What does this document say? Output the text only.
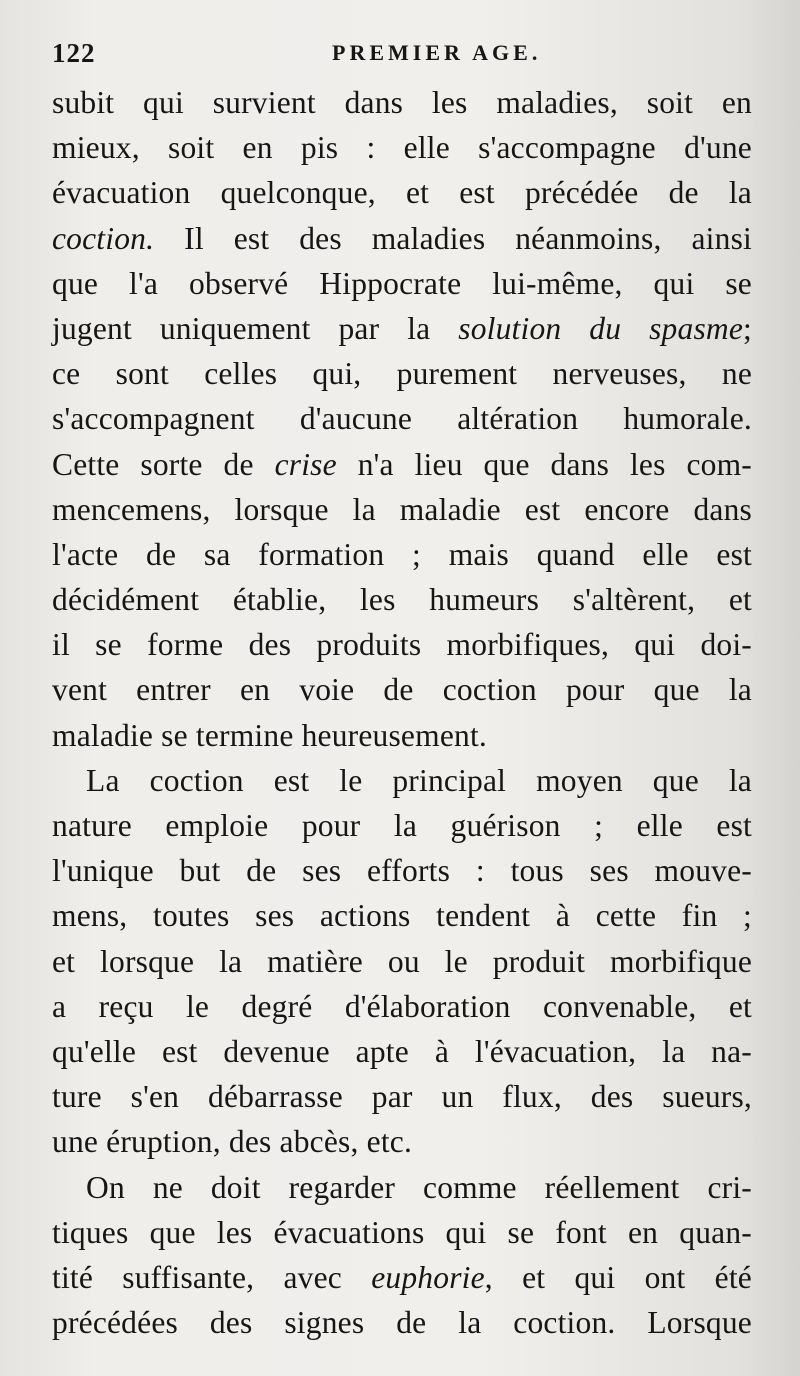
122	PREMIER AGE.
subit qui survient dans les maladies, soit en
mieux, soit en pis : elle s'accompagne d'une
évacuation quelconque, et est précédée de la
coction. Il est des maladies néanmoins, ainsi
que l'a observé Hippocrate lui-même, qui se
jugent uniquement par la solution du spasme;
ce sont celles qui, purement nerveuses, ne
s'accompagnent d'aucune altération humorale.
Cette sorte de crise n'a lieu que dans les com-
mencemens, lorsque la maladie est encore dans
l'acte de sa formation ; mais quand elle est
décidément établie, les humeurs s'altèrent, et
il se forme des produits morbifiques, qui doi-
vent entrer en voie de coction pour que la
maladie se termine heureusement.
La coction est le principal moyen que la
nature emploie pour la guérison ; elle est
l'unique but de ses efforts : tous ses mouve-
mens, toutes ses actions tendent à cette fin ;
et lorsque la matière ou le produit morbifique
a reçu le degré d'élaboration convenable, et
qu'elle est devenue apte à l'évacuation, la na-
ture s'en débarrasse par un flux, des sueurs,
une éruption, des abcès, etc.
On ne doit regarder comme réellement cri-
tiques que les évacuations qui se font en quan-
tité suffisante, avec euphorie, et qui ont été
précédées des signes de la coction. Lorsque
